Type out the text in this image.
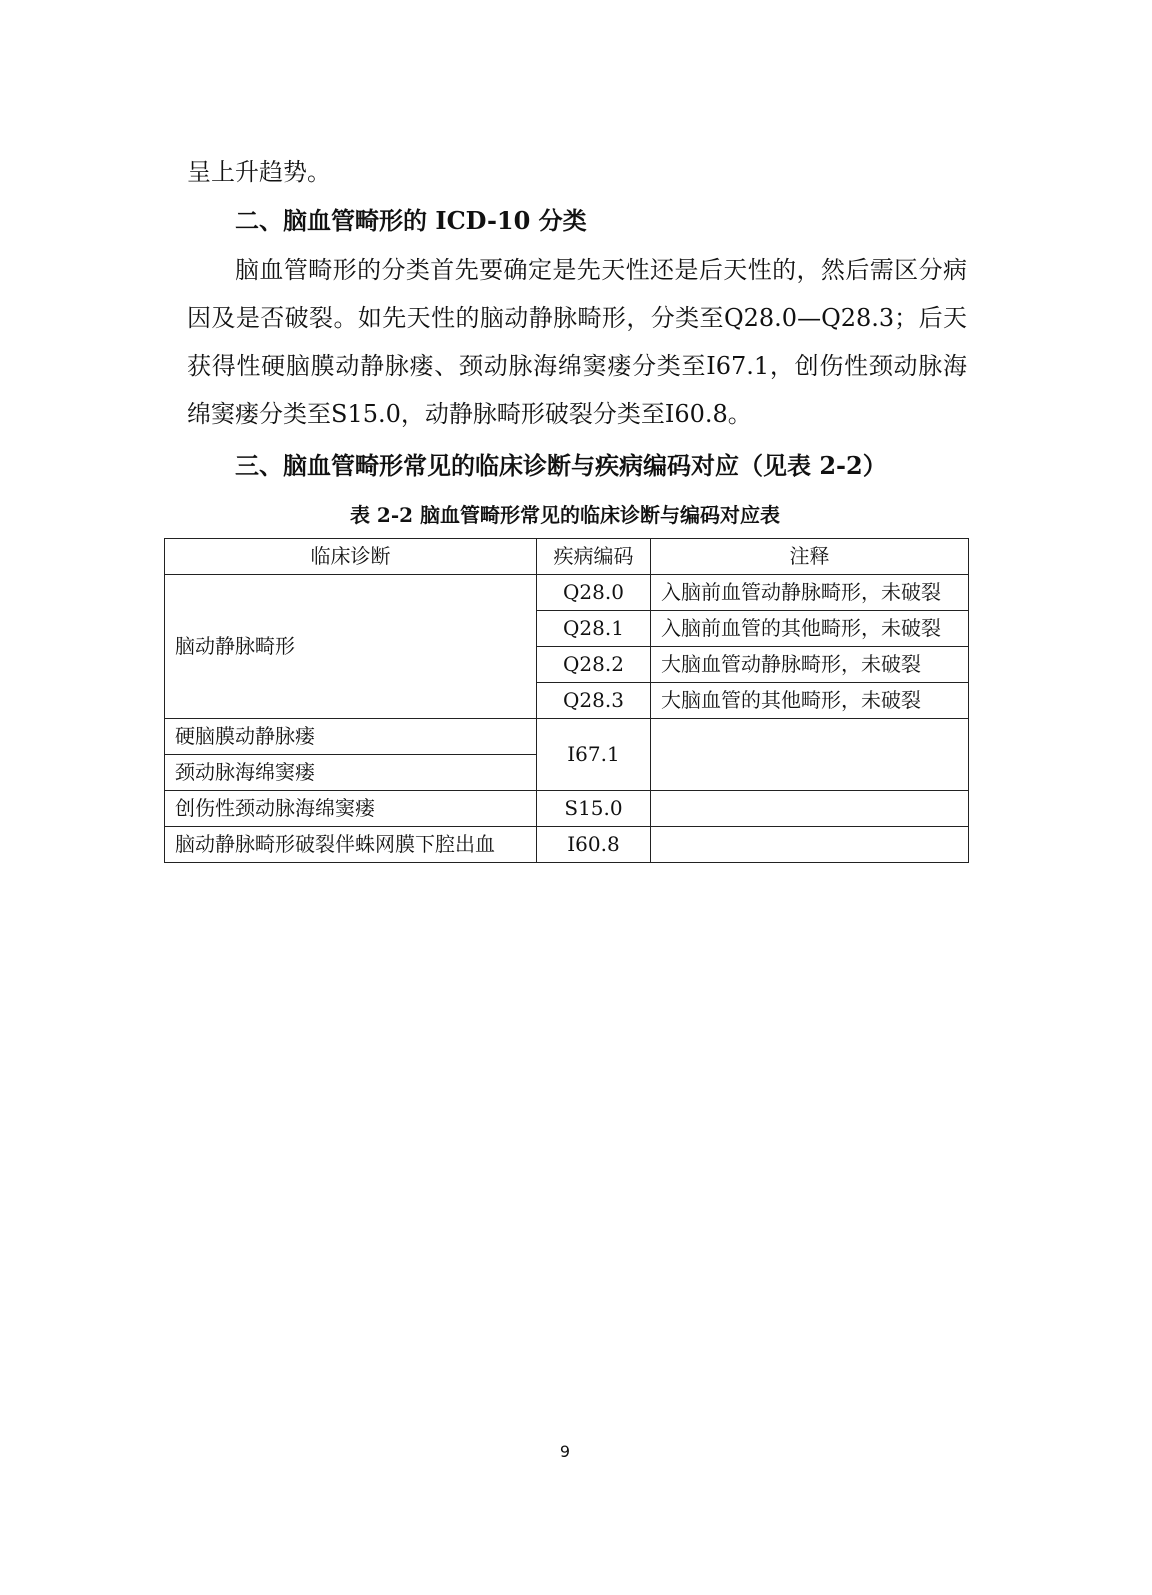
呈上升趋势。

二、脑血管畸形的 ICD-10 分类

脑血管畸形的分类首先要确定是先天性还是后天性的，然后需区分病因及是否破裂。如先天性的脑动静脉畸形，分类至Q28.0—Q28.3；后天获得性硬脑膜动静脉瘘、颈动脉海绵窦瘘分类至I67.1，创伤性颈动脉海绵窦瘘分类至S15.0，动静脉畸形破裂分类至I60.8。

三、脑血管畸形常见的临床诊断与疾病编码对应（见表 2-2）

表 2-2 脑血管畸形常见的临床诊断与编码对应表

临床诊断	疾病编码	注释
脑动静脉畸形	Q28.0	入脑前血管动静脉畸形，未破裂
	Q28.1	入脑前血管的其他畸形，未破裂
	Q28.2	大脑血管动静脉畸形，未破裂
	Q28.3	大脑血管的其他畸形，未破裂
硬脑膜动静脉瘘	I67.1	
颈动脉海绵窦瘘		
创伤性颈动脉海绵窦瘘	S15.0	
脑动静脉畸形破裂伴蛛网膜下腔出血	I60.8	

9
